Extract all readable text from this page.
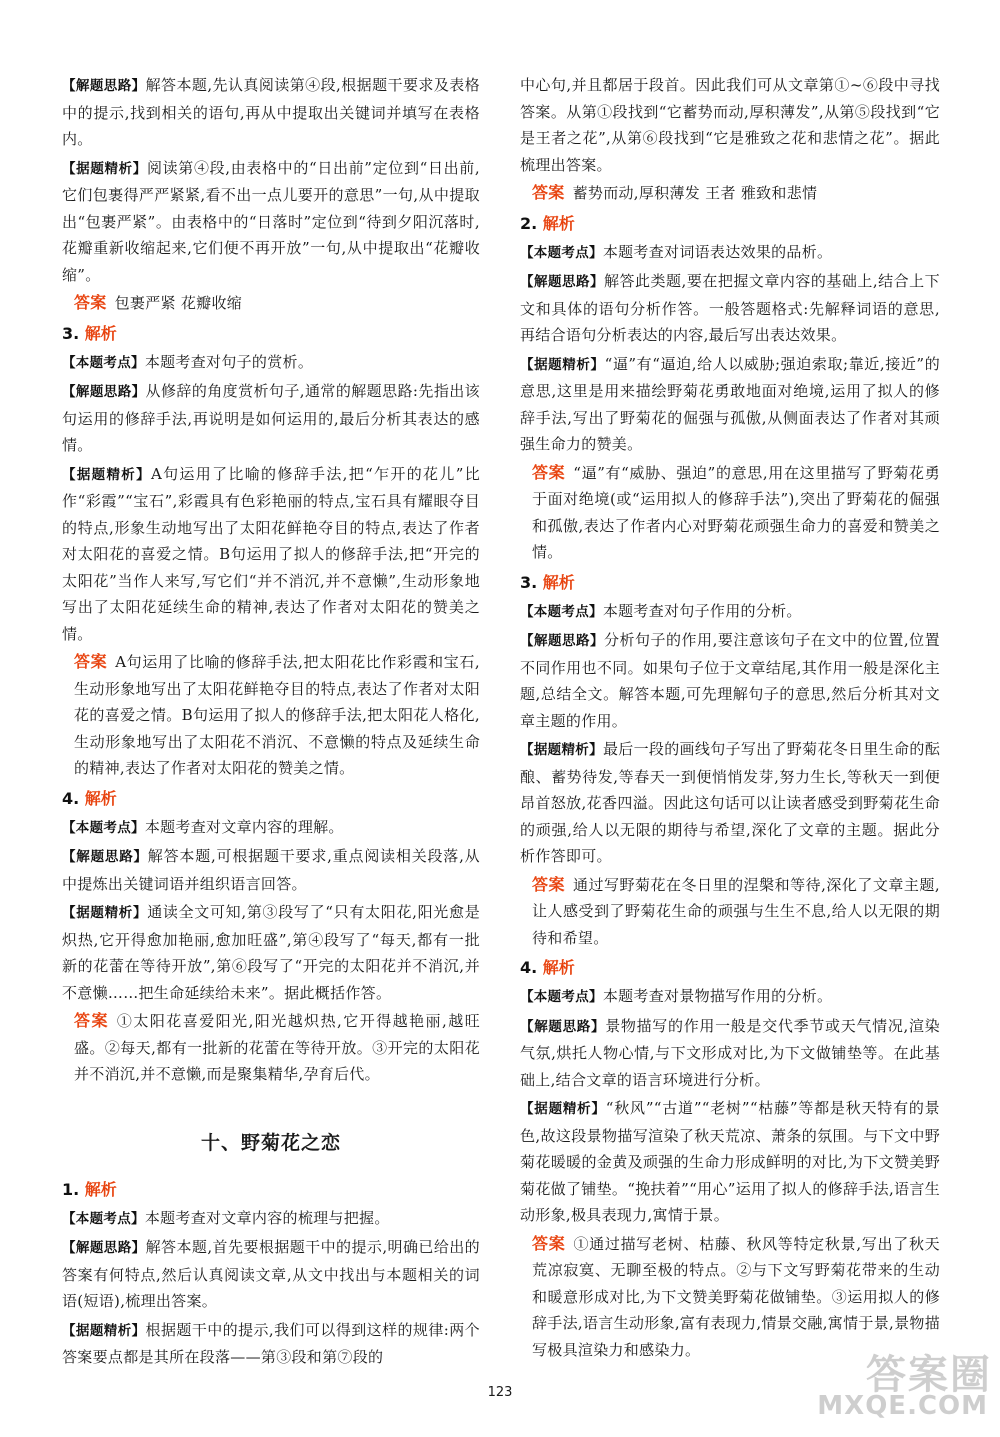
【解题思路】解答本题,先认真阅读第④段,根据题干要求及表格中的提示,找到相关的语句,再从中提取出关键词并填写在表格内。

【据题精析】阅读第④段,由表格中的“日出前”定位到“日出前,它们包裹得严严紧紧,看不出一点儿要开的意思”一句,从中提取出“包裹严紧”。由表格中的“日落时”定位到“待到夕阳沉落时,花瓣重新收缩起来,它们便不再开放”一句,从中提取出“花瓣收缩”。

答案 包裹严紧 花瓣收缩

3. 解析

【本题考点】本题考查对句子的赏析。

【解题思路】从修辞的角度赏析句子,通常的解题思路:先指出该句运用的修辞手法,再说明是如何运用的,最后分析其表达的感情。

【据题精析】A句运用了比喻的修辞手法,把“乍开的花儿”比作“彩霞”“宝石”,彩霞具有色彩艳丽的特点,宝石具有耀眼夺目的特点,形象生动地写出了太阳花鲜艳夺目的特点,表达了作者对太阳花的喜爱之情。B句运用了拟人的修辞手法,把“开完的太阳花”当作人来写,写它们“并不消沉,并不意懒”,生动形象地写出了太阳花延续生命的精神,表达了作者对太阳花的赞美之情。

答案 A句运用了比喻的修辞手法,把太阳花比作彩霞和宝石,生动形象地写出了太阳花鲜艳夺目的特点,表达了作者对太阳花的喜爱之情。B句运用了拟人的修辞手法,把太阳花人格化,生动形象地写出了太阳花不消沉、不意懒的特点及延续生命的精神,表达了作者对太阳花的赞美之情。

4. 解析

【本题考点】本题考查对文章内容的理解。

【解题思路】解答本题,可根据题干要求,重点阅读相关段落,从中提炼出关键词语并组织语言回答。

【据题精析】通读全文可知,第③段写了“只有太阳花,阳光愈是炽热,它开得愈加艳丽,愈加旺盛”,第④段写了“每天,都有一批新的花蕾在等待开放”,第⑥段写了“开完的太阳花并不消沉,并不意懒……把生命延续给未来”。据此概括作答。

答案 ①太阳花喜爱阳光,阳光越炽热,它开得越艳丽,越旺盛。②每天,都有一批新的花蕾在等待开放。③开完的太阳花并不消沉,并不意懒,而是聚集精华,孕育后代。

十、野菊花之恋
1. 解析

【本题考点】本题考查对文章内容的梳理与把握。

【解题思路】解答本题,首先要根据题干中的提示,明确已给出的答案有何特点,然后认真阅读文章,从文中找出与本题相关的词语(短语),梳理出答案。

【据题精析】根据题干中的提示,我们可以得到这样的规律:两个答案要点都是其所在段落——第③段和第⑦段的

中心句,并且都居于段首。因此我们可从文章第①~⑥段中寻找答案。从第①段找到“它蓄势而动,厚积薄发”,从第⑤段找到“它是王者之花”,从第⑥段找到“它是雅致之花和悲情之花”。据此梳理出答案。

答案 蓄势而动,厚积薄发 王者 雅致和悲情

2. 解析

【本题考点】本题考查对词语表达效果的品析。

【解题思路】解答此类题,要在把握文章内容的基础上,结合上下文和具体的语句分析作答。一般答题格式:先解释词语的意思,再结合语句分析表达的内容,最后写出表达效果。

【据题精析】“逼”有“逼迫,给人以威胁;强迫索取;靠近,接近”的意思,这里是用来描绘野菊花勇敢地面对绝境,运用了拟人的修辞手法,写出了野菊花的倔强与孤傲,从侧面表达了作者对其顽强生命力的赞美。

答案 “逼”有“威胁、强迫”的意思,用在这里描写了野菊花勇于面对绝境(或“运用拟人的修辞手法”),突出了野菊花的倔强和孤傲,表达了作者内心对野菊花顽强生命力的喜爱和赞美之情。

3. 解析

【本题考点】本题考查对句子作用的分析。

【解题思路】分析句子的作用,要注意该句子在文中的位置,位置不同作用也不同。如果句子位于文章结尾,其作用一般是深化主题,总结全文。解答本题,可先理解句子的意思,然后分析其对文章主题的作用。

【据题精析】最后一段的画线句子写出了野菊花冬日里生命的酝酿、蓄势待发,等春天一到便悄悄发芽,努力生长,等秋天一到便昂首怒放,花香四溢。因此这句话可以让读者感受到野菊花生命的顽强,给人以无限的期待与希望,深化了文章的主题。据此分析作答即可。

答案 通过写野菊花在冬日里的涅槃和等待,深化了文章主题,让人感受到了野菊花生命的顽强与生生不息,给人以无限的期待和希望。

4. 解析

【本题考点】本题考查对景物描写作用的分析。

【解题思路】景物描写的作用一般是交代季节或天气情况,渲染气氛,烘托人物心情,与下文形成对比,为下文做铺垫等。在此基础上,结合文章的语言环境进行分析。

【据题精析】“秋风”“古道”“老树”“枯藤”等都是秋天特有的景色,故这段景物描写渲染了秋天荒凉、萧条的氛围。与下文中野菊花暖暖的金黄及顽强的生命力形成鲜明的对比,为下文赞美野菊花做了铺垫。“挽扶着”“用心”运用了拟人的修辞手法,语言生动形象,极具表现力,寓情于景。

答案 ①通过描写老树、枯藤、秋风等特定秋景,写出了秋天荒凉寂寞、无聊至极的特点。②与下文写野菊花带来的生动和暖意形成对比,为下文赞美野菊花做铺垫。③运用拟人的修辞手法,语言生动形象,富有表现力,情景交融,寓情于景,景物描写极具渲染力和感染力。

123	答案圈
MXQE.COM
